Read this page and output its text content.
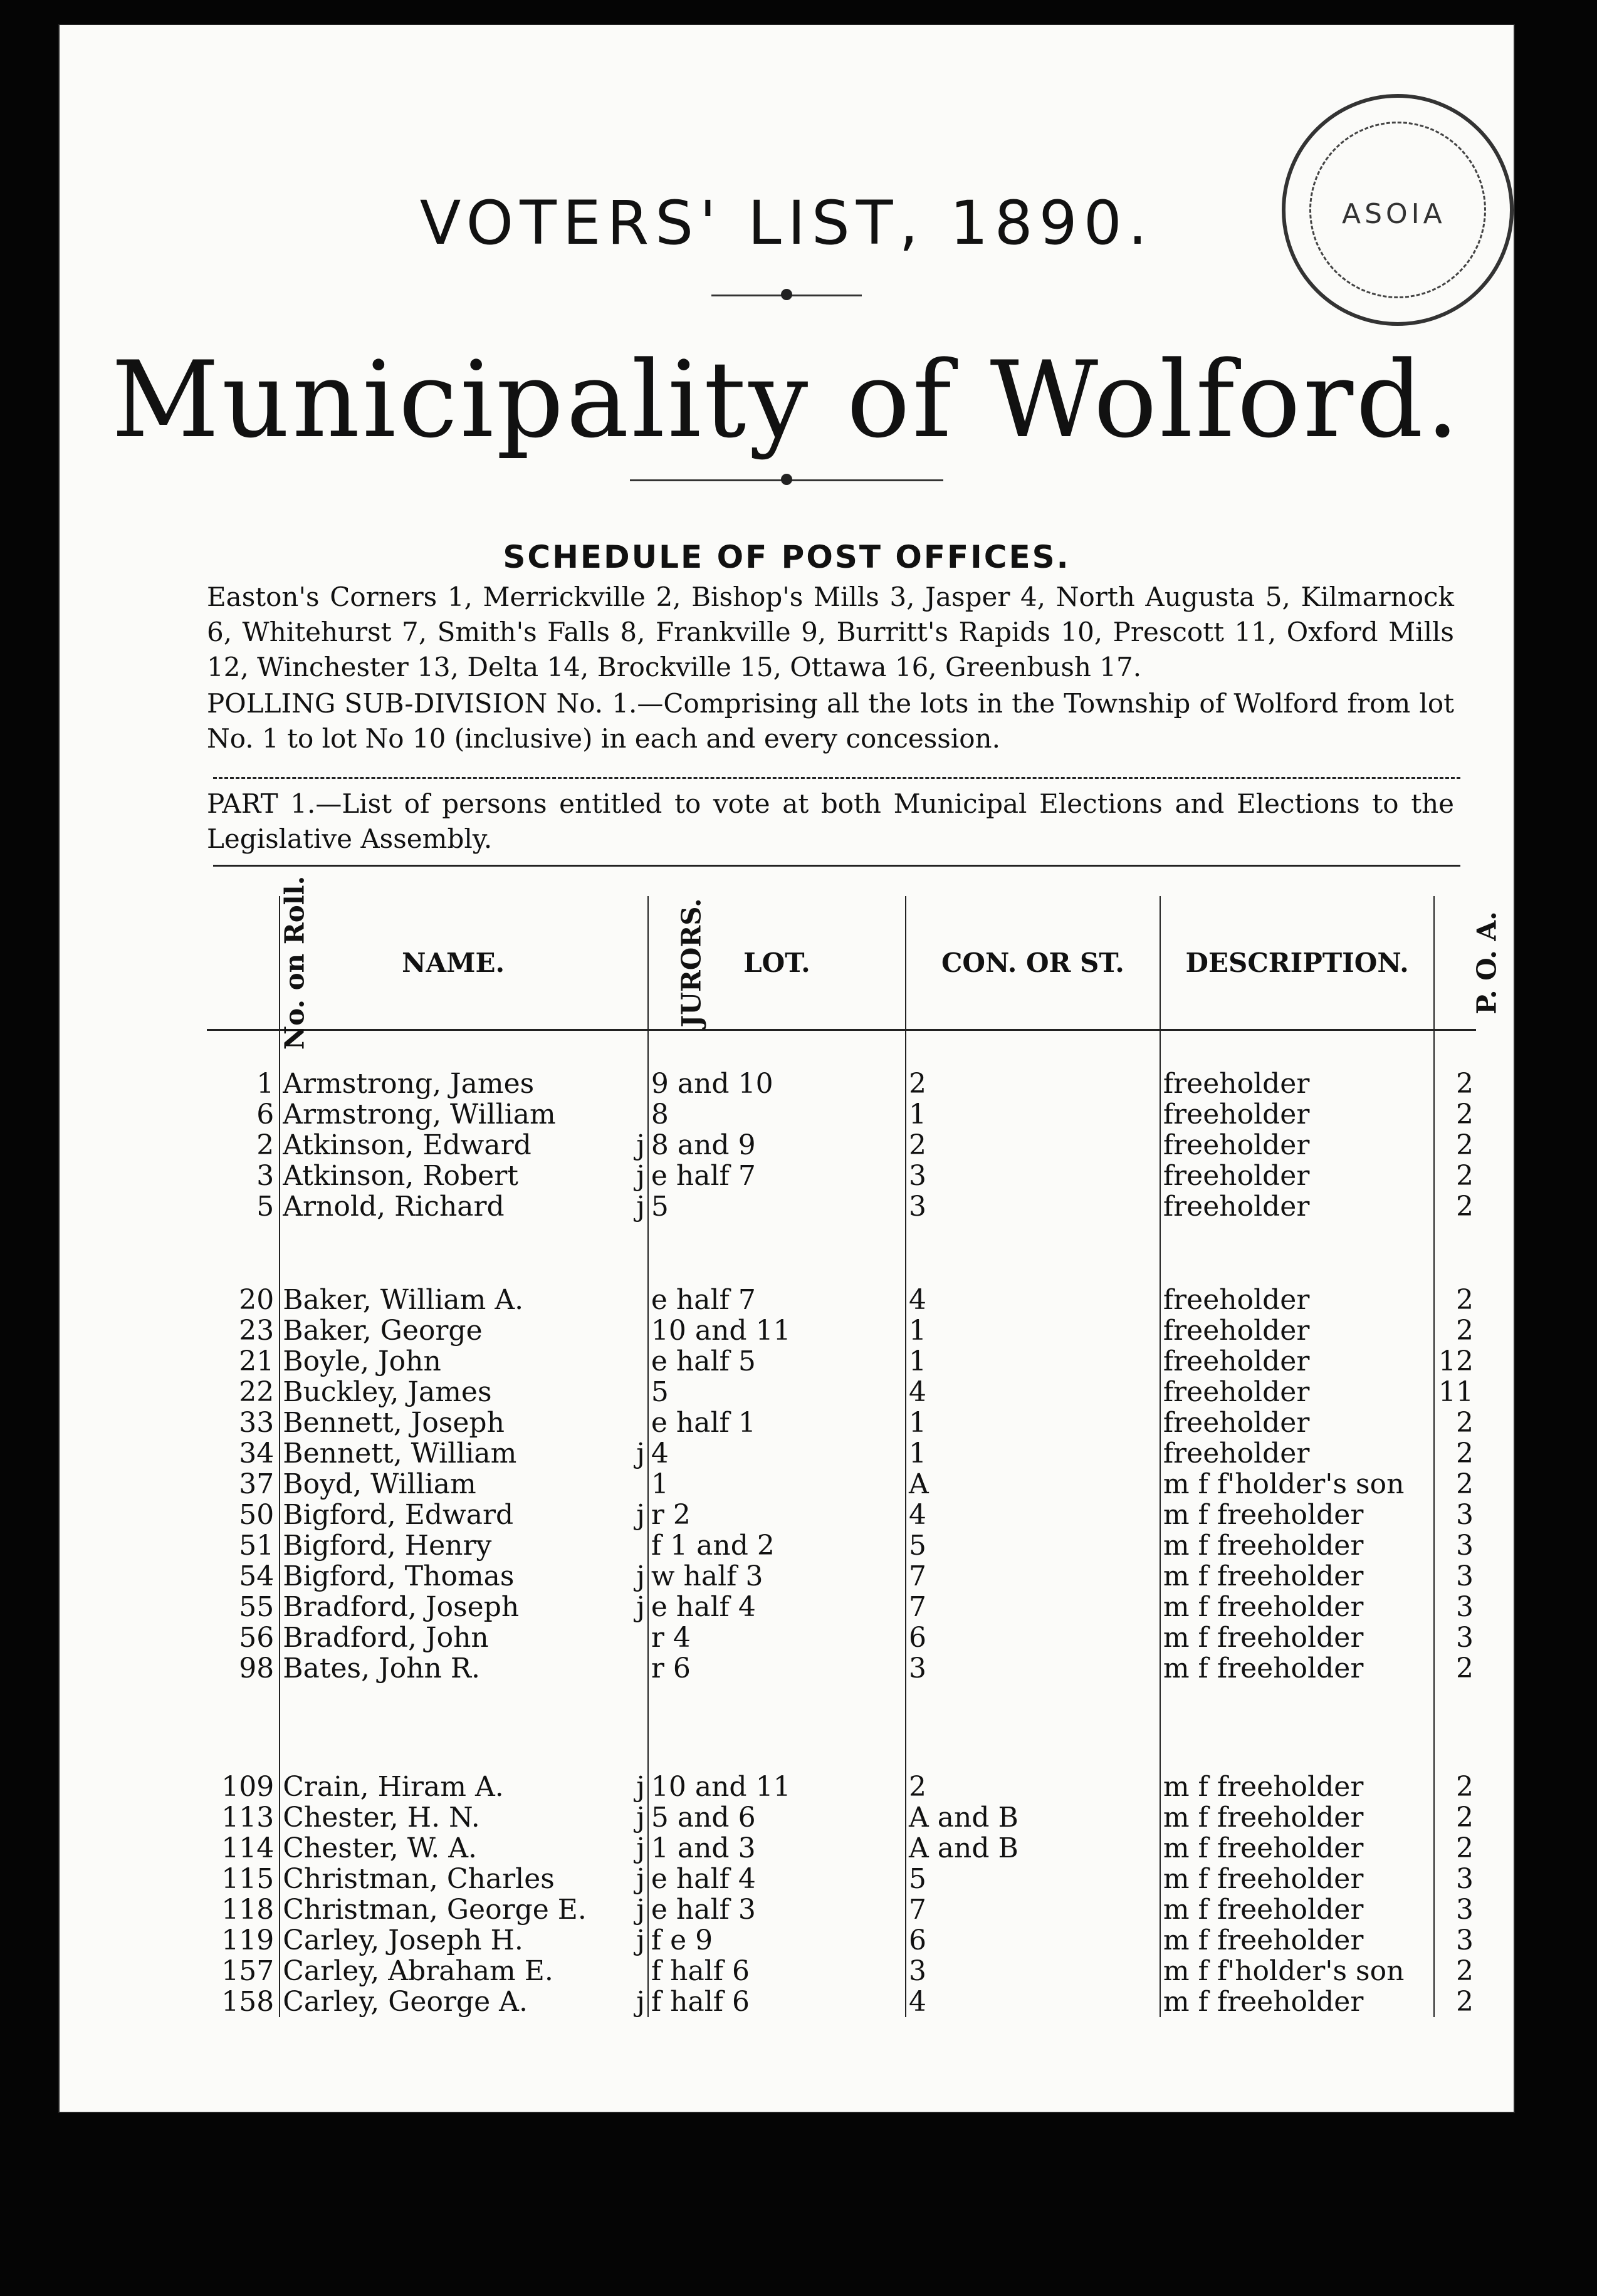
ASOIA
VOTERS' LIST, 1890.
Municipality of Wolford.
SCHEDULE OF POST OFFICES.
Easton's Corners 1, Merrickville 2, Bishop's Mills 3, Jasper 4, North Augusta 5, Kilmarnock 6, Whitehurst 7, Smith's Falls 8, Frankville 9, Burritt's Rapids 10, Prescott 11, Oxford Mills 12, Winchester 13, Delta 14, Brockville 15, Ottawa 16, Greenbush 17.
POLLING SUB-DIVISION No. 1.—Comprising all the lots in the Township of Wolford from lot No. 1 to lot No 10 (inclusive) in each and every concession.
PART 1.—List of persons entitled to vote at both Municipal Elections and Elections to the Legislative Assembly.
No. on Roll.	NAME.	JURORS.	LOT.	CON. OR ST.	DESCRIPTION.	P. O. A.

1	Armstrong, James		9 and 10	2	freeholder	2
6	Armstrong, William		8	1	freeholder	2
2	Atkinson, Edward	j	8 and 9	2	freeholder	2
3	Atkinson, Robert	j	e half 7	3	freeholder	2
5	Arnold, Richard	j	5	3	freeholder	2

20	Baker, William A.		e half 7	4	freeholder	2
23	Baker, George		10 and 11	1	freeholder	2
21	Boyle, John		e half 5	1	freeholder	12
22	Buckley, James		5	4	freeholder	11
33	Bennett, Joseph		e half 1	1	freeholder	2
34	Bennett, William	j	4	1	freeholder	2
37	Boyd, William		1	A	m f f'holder's son	2
50	Bigford, Edward	j	r 2	4	m f freeholder	3
51	Bigford, Henry		f 1 and 2	5	m f freeholder	3
54	Bigford, Thomas	j	w half 3	7	m f freeholder	3
55	Bradford, Joseph	j	e half 4	7	m f freeholder	3
56	Bradford, John		r 4	6	m f freeholder	3
98	Bates, John R.		r 6	3	m f freeholder	2

109	Crain, Hiram A.	j	10 and 11	2	m f freeholder	2
113	Chester, H. N.	j	5 and 6	A and B	m f freeholder	2
114	Chester, W. A.	j	1 and 3	A and B	m f freeholder	2
115	Christman, Charles	j	e half 4	5	m f freeholder	3
118	Christman, George E.	j	e half 3	7	m f freeholder	3
119	Carley, Joseph H.	j	f e 9	6	m f freeholder	3
157	Carley, Abraham E.		f half 6	3	m f f'holder's son	2
158	Carley, George A.	j	f half 6	4	m f freeholder	2
